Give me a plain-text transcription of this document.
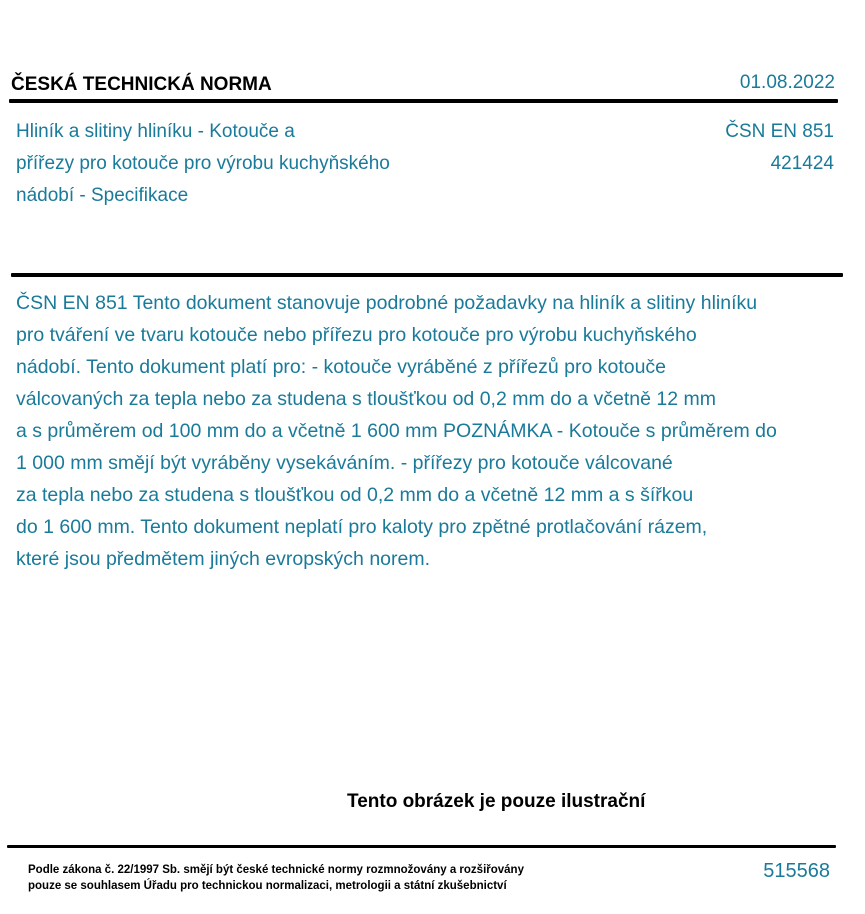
ČESKÁ TECHNICKÁ NORMA	01.08.2022
Hliník a slitiny hliníku - Kotouče a
přířezy pro kotouče pro výrobu kuchyňského
nádobí - Specifikace
ČSN EN 851
421424
ČSN EN 851 Tento dokument stanovuje podrobné požadavky na hliník a slitiny hliníku
pro tváření ve tvaru kotouče nebo přířezu pro kotouče pro výrobu kuchyňského
nádobí. Tento dokument platí pro: - kotouče vyráběné z přířezů pro kotouče
válcovaných za tepla nebo za studena s tloušťkou od 0,2 mm do a včetně 12 mm
a s průměrem od 100 mm do a včetně 1 600 mm POZNÁMKA - Kotouče s průměrem do
1 000 mm smějí být vyráběny vysekáváním. - přířezy pro kotouče válcované
za tepla nebo za studena s tloušťkou od 0,2 mm do a včetně 12 mm a s šířkou
do 1 600 mm. Tento dokument neplatí pro kaloty pro zpětné protlačování rázem,
které jsou předmětem jiných evropských norem.
Tento obrázek je pouze ilustrační
Podle zákona č. 22/1997 Sb. smějí být české technické normy rozmnožovány a rozšiřovány
pouze se souhlasem Úřadu pro technickou normalizaci, metrologii a státní zkušebnictví
515568
